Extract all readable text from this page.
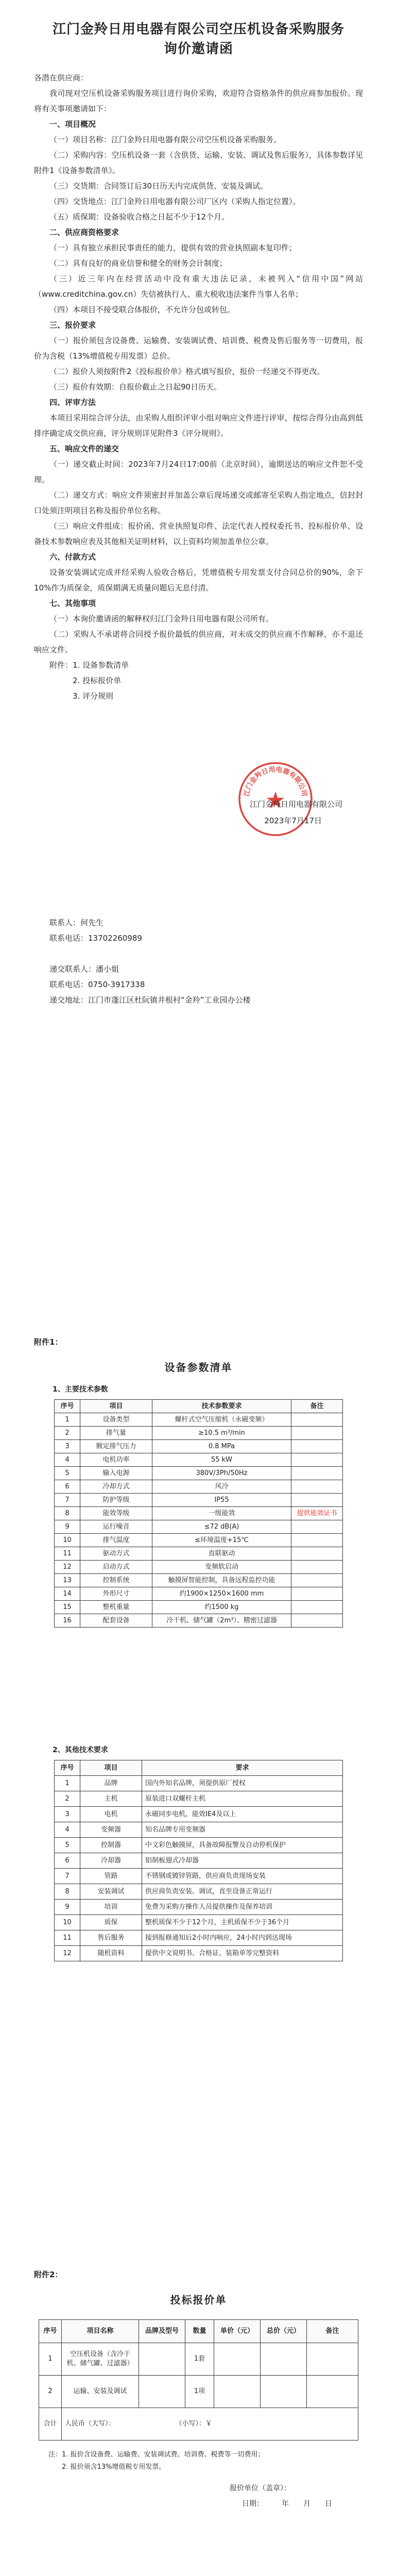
江门金羚日用电器有限公司空压机设备采购服务
询价邀请函

各潜在供应商：

我司现对空压机设备采购服务项目进行询价采购，欢迎符合资格条件的供应商参加报价。现将有关事项邀请如下：

一、项目概况

（一）项目名称：江门金羚日用电器有限公司空压机设备采购服务。

（二）采购内容：空压机设备一套（含供货、运输、安装、调试及售后服务），具体参数详见附件1《设备参数清单》。

（三）交货期：合同签订后30日历天内完成供货、安装及调试。

（四）交货地点：江门金羚日用电器有限公司厂区内（采购人指定位置）。

（五）质保期：设备验收合格之日起不少于12个月。

二、供应商资格要求

（一）具有独立承担民事责任的能力，提供有效的营业执照副本复印件；

（二）具有良好的商业信誉和健全的财务会计制度；

（三）近三年内在经营活动中没有重大违法记录，未被列入“信用中国”网站（www.creditchina.gov.cn）失信被执行人、重大税收违法案件当事人名单；

（四）本项目不接受联合体报价，不允许分包或转包。

三、报价要求

（一）报价须包含设备费、运输费、安装调试费、培训费、税费及售后服务等一切费用，报价为含税（13%增值税专用发票）总价。

（二）报价人须按附件2《投标报价单》格式填写报价，报价一经递交不得更改。

（三）报价有效期：自报价截止之日起90日历天。

四、评审方法

本项目采用综合评分法，由采购人组织评审小组对响应文件进行评审，按综合得分由高到低排序确定成交供应商，评分规则详见附件3《评分规则》。

五、响应文件的递交

（一）递交截止时间：2023年7月24日17:00前（北京时间），逾期送达的响应文件恕不受理。

（二）递交方式：响应文件须密封并加盖公章后现场递交或邮寄至采购人指定地点，信封封口处须注明项目名称及报价单位名称。

（三）响应文件组成：报价函、营业执照复印件、法定代表人授权委托书、投标报价单、设备技术参数响应表及其他相关证明材料，以上资料均须加盖单位公章。

六、付款方式

设备安装调试完成并经采购人验收合格后，凭增值税专用发票支付合同总价的90%，余下10%作为质保金，质保期满无质量问题后无息付清。

七、其他事项

（一）本询价邀请函的解释权归江门金羚日用电器有限公司所有。

（二）采购人不承诺将合同授予报价最低的供应商，对未成交的供应商不作解释，亦不退还响应文件。

附件： 1. 设备参数清单
2. 投标报价单
3. 评分规则
江门金羚日用电器有限公司
江门金羚日用电器有限公司
2023年7月17日
联系人：何先生
联系电话：13702260989
递交联系人：潘小姐
联系电话：0750-3917338
递交地址：江门市蓬江区杜阮镇井根村“金羚”工业园办公楼

附件1：

设备参数清单

1、主要技术参数

序号	项目	技术参数要求	备注
1	设备类型	螺杆式空气压缩机（永磁变频）	
2	排气量	≥10.5 m³/min	
3	额定排气压力	0.8 MPa	
4	电机功率	55 kW	
5	输入电源	380V/3Ph/50Hz	
6	冷却方式	风冷	
7	防护等级	IP55	
8	能效等级	一级能效	提供能效证书
9	运行噪音	≤72 dB(A)	
10	排气温度	≤环境温度+15℃	
11	驱动方式	直联驱动	
12	启动方式	变频软启动	
13	控制系统	触摸屏智能控制，具备远程监控功能	
14	外形尺寸	约1900×1250×1600 mm	
15	整机重量	约1500 kg	
16	配套设备	冷干机、储气罐（2m³）、精密过滤器	

2、其他技术要求

序号	项目	要求
1	品牌	国内外知名品牌，须提供原厂授权
2	主机	原装进口双螺杆主机
3	电机	永磁同步电机，能效IE4及以上
4	变频器	知名品牌专用变频器
5	控制器	中文彩色触摸屏，具备故障报警及自动停机保护
6	冷却器	铝制板翅式冷却器
7	管路	不锈钢或镀锌管路，供应商负责现场安装
8	安装调试	供应商负责安装、调试，直至设备正常运行
9	培训	免费为采购方操作人员提供操作及保养培训
10	质保	整机质保不少于12个月，主机质保不少于36个月
11	售后服务	接到报修通知后2小时内响应，24小时内到达现场
12	随机资料	提供中文说明书、合格证、装箱单等完整资料

附件2：

投标报价单
序号	项目名称	品牌及型号	数量	单价（元）	总价（元）	备注
1	空压机设备（含冷干机、储气罐、过滤器）		1套			
2	运输、安装及调试		1项			
合计	人民币（大写）：　　　　　　　　　　（小写）：￥					
注：1. 报价含设备费、运输费、安装调试费、培训费、税费等一切费用；
　　2. 报价须含13%增值税专用发票。
报价单位（盖章）：
日期：　　　年　　月　　日
